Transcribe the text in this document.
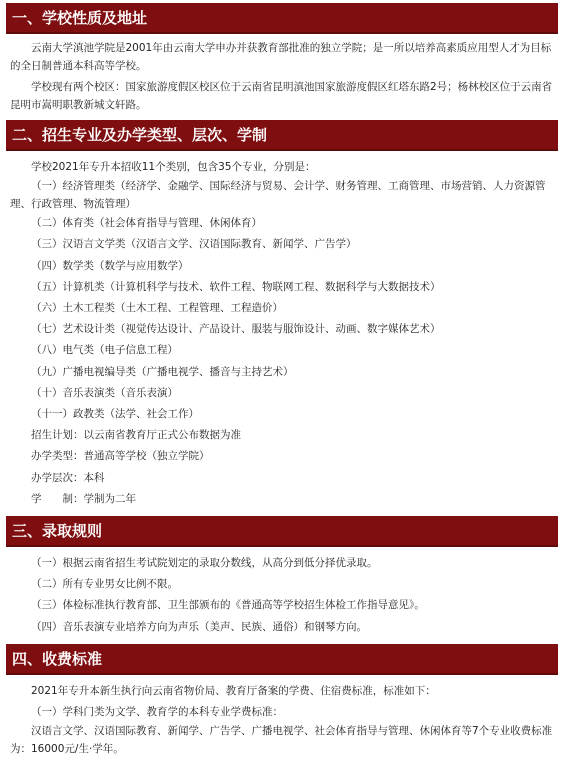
一、学校性质及地址

云南大学滇池学院是2001年由云南大学申办并获教育部批准的独立学院；是一所以培养高素质应用型人才为目标的全日制普通本科高等学校。

学校现有两个校区：国家旅游度假区校区位于云南省昆明滇池国家旅游度假区红塔东路2号；杨林校区位于云南省昆明市嵩明职教新城文轩路。

二、招生专业及办学类型、层次、学制

学校2021年专升本招收11个类别，包含35个专业，分别是：

（一）经济管理类（经济学、金融学、国际经济与贸易、会计学、财务管理、工商管理、市场营销、人力资源管理、行政管理、物流管理）

（二）体育类（社会体育指导与管理、休闲体育）

（三）汉语言文学类（汉语言文学、汉语国际教育、新闻学、广告学）

（四）数学类（数学与应用数学）

（五）计算机类（计算机科学与技术、软件工程、物联网工程、数据科学与大数据技术）

（六）土木工程类（土木工程、工程管理、工程造价）

（七）艺术设计类（视觉传达设计、产品设计、服装与服饰设计、动画、数字媒体艺术）

（八）电气类（电子信息工程）

（九）广播电视编导类（广播电视学、播音与主持艺术）

（十）音乐表演类（音乐表演）

（十一）政教类（法学、社会工作）

招生计划：以云南省教育厅正式公布数据为准

办学类型：普通高等学校（独立学院）

办学层次：本科

学　　制：学制为二年

三、录取规则

（一）根据云南省招生考试院划定的录取分数线，从高分到低分择优录取。

（二）所有专业男女比例不限。

（三）体检标准执行教育部、卫生部颁布的《普通高等学校招生体检工作指导意见》。

（四）音乐表演专业培养方向为声乐（美声、民族、通俗）和钢琴方向。

四、收费标准

2021年专升本新生执行向云南省物价局、教育厅备案的学费、住宿费标准，标准如下：

（一）学科门类为文学、教育学的本科专业学费标准：

汉语言文学、汉语国际教育、新闻学、广告学、广播电视学、社会体育指导与管理、休闲体育等7个专业收费标准为：16000元/生·学年。
